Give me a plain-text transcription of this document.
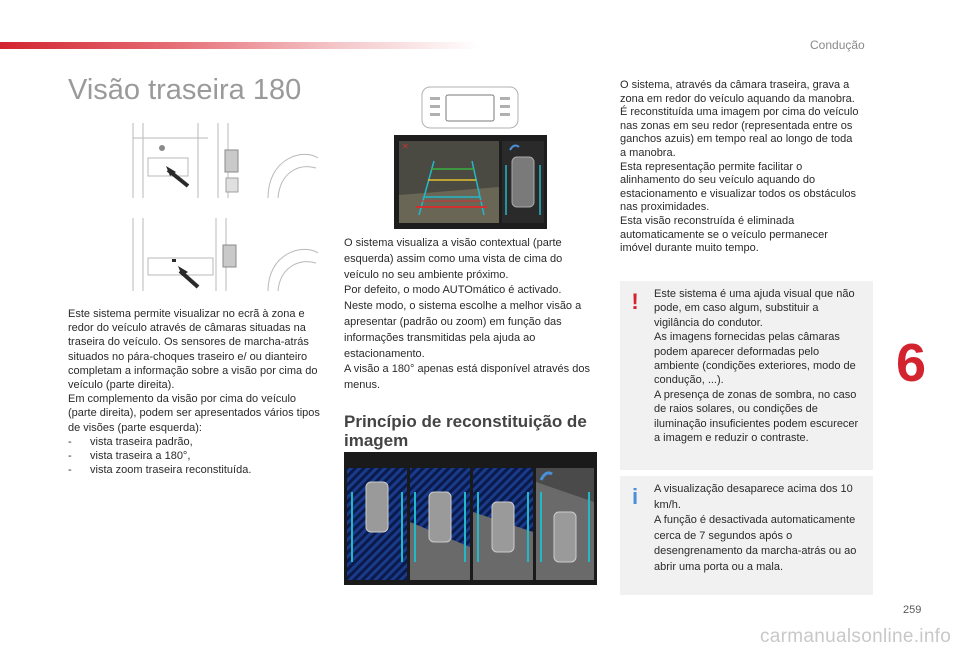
Condução
6
259
carmanualsonline.info
Visão traseira 180
✕

Este sistema permite visualizar no ecrã à zona e redor do veículo através de câmaras situadas na traseira do veículo. Os sensores de marcha-atrás situados no pára-choques traseiro e/ ou dianteiro completam a informação sobre a visão por cima do veículo (parte direita).

Em complemento da visão por cima do veículo (parte direita), podem ser apresentados vários tipos de visões (parte esquerda):

-	vista traseira padrão,
-	vista traseira a 180°,
-	vista zoom traseira reconstituída.

O sistema visualiza a visão contextual (parte esquerda) assim como uma vista de cima do veículo no seu ambiente próximo.

Por defeito, o modo AUTOmático é activado.

Neste modo, o sistema escolhe a melhor visão a apresentar (padrão ou zoom) em função das informações transmitidas pela ajuda ao estacionamento.

A visão a 180° apenas está disponível através dos menus.

Princípio de reconstituição de imagem

O sistema, através da câmara traseira, grava a zona em redor do veículo aquando da manobra. É reconstituída uma imagem por cima do veículo nas zonas em seu redor (representada entre os ganchos azuis) em tempo real ao longo de toda a manobra.

Esta representação permite facilitar o alinhamento do seu veículo aquando do estacionamento e visualizar todos os obstáculos nas proximidades.

Esta visão reconstruída é eliminada automaticamente se o veículo permanecer imóvel durante muito tempo.

! Este sistema é uma ajuda visual que não pode, em caso algum, substituir a vigilância do condutor.

As imagens fornecidas pelas câmaras podem aparecer deformadas pelo ambiente (condições exteriores, modo de condução, ...).

A presença de zonas de sombra, no caso de raios solares, ou condições de iluminação insuficientes podem escurecer a imagem e reduzir o contraste.

i A visualização desaparece acima dos 10 km/h.

A função é desactivada automaticamente cerca de 7 segundos após o desengrenamento da marcha-atrás ou ao abrir uma porta ou a mala.
